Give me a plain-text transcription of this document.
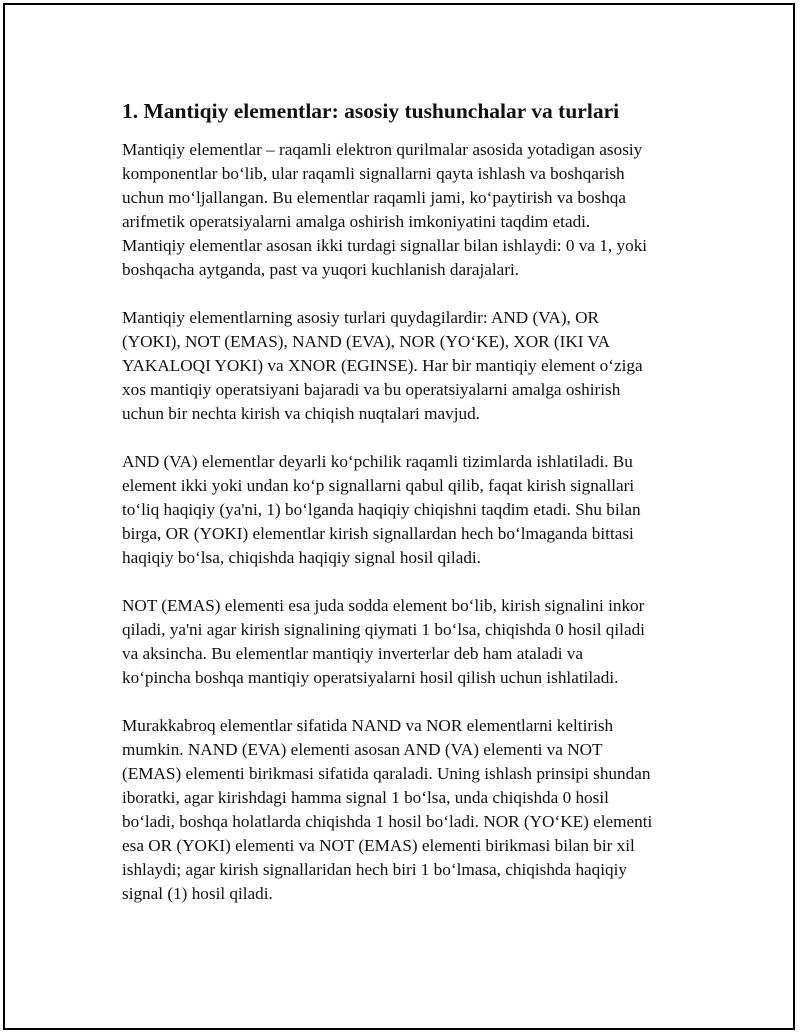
1. Mantiqiy elementlar: asosiy tushunchalar va turlari

Mantiqiy elementlar – raqamli elektron qurilmalar asosida yotadigan asosiy
komponentlar bo‘lib, ular raqamli signallarni qayta ishlash va boshqarish
uchun mo‘ljallangan. Bu elementlar raqamli jami, ko‘paytirish va boshqa
arifmetik operatsiyalarni amalga oshirish imkoniyatini taqdim etadi.
Mantiqiy elementlar asosan ikki turdagi signallar bilan ishlaydi: 0 va 1, yoki
boshqacha aytganda, past va yuqori kuchlanish darajalari.

Mantiqiy elementlarning asosiy turlari quydagilardir: AND (VA), OR
(YOKI), NOT (EMAS), NAND (EVA), NOR (YO‘KE), XOR (IKI VA
YAKALOQI YOKI) va XNOR (EGINSE). Har bir mantiqiy element o‘ziga
xos mantiqiy operatsiyani bajaradi va bu operatsiyalarni amalga oshirish
uchun bir nechta kirish va chiqish nuqtalari mavjud.

AND (VA) elementlar deyarli ko‘pchilik raqamli tizimlarda ishlatiladi. Bu
element ikki yoki undan ko‘p signallarni qabul qilib, faqat kirish signallari
to‘liq haqiqiy (ya'ni, 1) bo‘lganda haqiqiy chiqishni taqdim etadi. Shu bilan
birga, OR (YOKI) elementlar kirish signallardan hech bo‘lmaganda bittasi
haqiqiy bo‘lsa, chiqishda haqiqiy signal hosil qiladi.

NOT (EMAS) elementi esa juda sodda element bo‘lib, kirish signalini inkor
qiladi, ya'ni agar kirish signalining qiymati 1 bo‘lsa, chiqishda 0 hosil qiladi
va aksincha. Bu elementlar mantiqiy inverterlar deb ham ataladi va
ko‘pincha boshqa mantiqiy operatsiyalarni hosil qilish uchun ishlatiladi.

Murakkabroq elementlar sifatida NAND va NOR elementlarni keltirish
mumkin. NAND (EVA) elementi asosan AND (VA) elementi va NOT
(EMAS) elementi birikmasi sifatida qaraladi. Uning ishlash prinsipi shundan
iboratki, agar kirishdagi hamma signal 1 bo‘lsa, unda chiqishda 0 hosil
bo‘ladi, boshqa holatlarda chiqishda 1 hosil bo‘ladi. NOR (YO‘KE) elementi
esa OR (YOKI) elementi va NOT (EMAS) elementi birikmasi bilan bir xil
ishlaydi; agar kirish signallaridan hech biri 1 bo‘lmasa, chiqishda haqiqiy
signal (1) hosil qiladi.
